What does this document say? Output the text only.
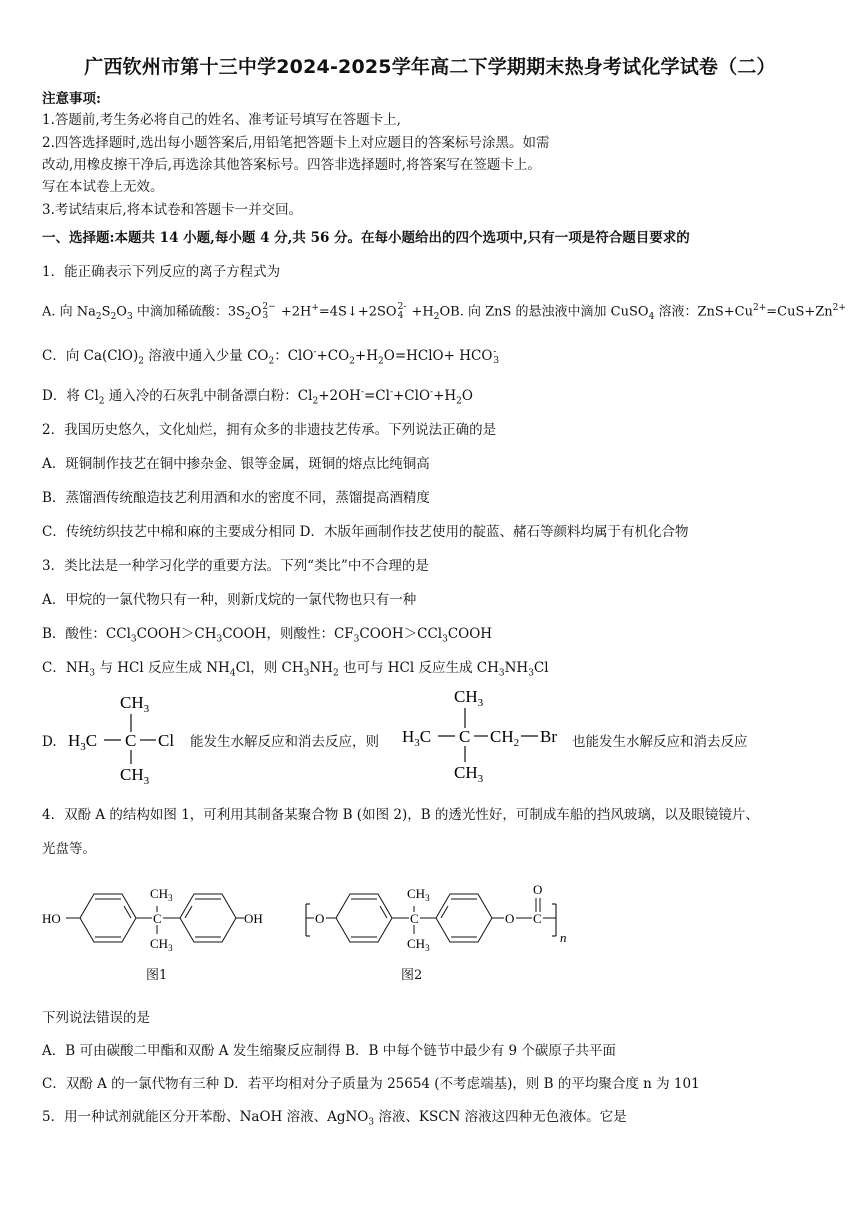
广西钦州市第十三中学2024-2025学年高二下学期期末热身考试化学试卷（二）
注意事项:
1.答题前,考生务必将自己的姓名、准考证号填写在答题卡上,
2.四答选择题时,选出每小题答案后,用铅笔把答题卡上对应题目的答案标号涂黑。如需
改动,用橡皮擦干净后,再选涂其他答案标号。四答非选择题时,将答案写在签题卡上。
写在本试卷上无效。
3.考试结束后,将本试卷和答题卡一并交回。
一、选择题:本题共 14 小题,每小题 4 分,共 56 分。在每小题给出的四个选项中,只有一项是符合题目要求的
1．能正确表示下列反应的离子方程式为
A. 向 $Na_2S_2O_3$ 中滴加稀硫酸：$3S_2O$ 2−
3 +2H+=4S↓+2SO 2-
$4 +H_2OB$. 向 ZnS 的悬浊液中滴加 CuSO$_4$ 溶液：$ZnS+Cu^{2+}=CuS+Zn^{2+}$
C．向 $Ca(ClO)_2$ 溶液中通入少量 $CO_2$：$ClO^-+CO_2+H_2O=HClO+$ HCO -
3
D．将 $Cl_2$ 通入冷的石灰乳中制备漂白粉：$Cl_2+2OH^-=Cl^-+ClO^-+H_2O$
2．我国历史悠久，文化灿烂，拥有众多的非遗技艺传承。下列说法正确的是
A．斑铜制作技艺在铜中掺杂金、银等金属，斑铜的熔点比纯铜高
B．蒸馏酒传统酿造技艺利用酒和水的密度不同，蒸馏提高酒精度
C．传统纺织技艺中棉和麻的主要成分相同 D．木版年画制作技艺使用的靛蓝、赭石等颜料均属于有机化合物
3．类比法是一种学习化学的重要方法。下列“类比”中不合理的是
A．甲烷的一氯代物只有一种，则新戊烷的一氯代物也只有一种
B．酸性：$CCl_3COOH>CH_3COOH$，则酸性：$CF_3COOH>CCl_3COOH$
C．$NH_3$ 与 HCl 反应生成 $NH_4Cl$，则 $CH_3NH_2$ 也可与 HCl 反应生成 $CH_3NH_3Cl$
D.
$CH_3$
$H_3C$ C Cl
$CH_3$
能发生水解反应和消去反应，则
$CH_3$
$H_3C$ C $CH_2$ Br
$CH_3$
也能发生水解反应和消去反应
4．双酚 A 的结构如图 1，可利用其制备某聚合物 B (如图 2)，B 的透光性好，可制成车船的挡风玻璃，以及眼镜镜片、
光盘等。
HO	C
$CH_3$
$CH_3$
OH
图1
O	C
$CH_3$
$CH_3$
O C
O
n
图2
下列说法错误的是
A．B 可由碳酸二甲酯和双酚 A 发生缩聚反应制得 B．B 中每个链节中最少有 9 个碳原子共平面
C．双酚 A 的一氯代物有三种 D．若平均相对分子质量为 25654 (不考虑端基)，则 B 的平均聚合度 n 为 101
5．用一种试剂就能区分开苯酚、NaOH 溶液、AgNO$_3$ 溶液、KSCN 溶液这四种无色液体。它是
